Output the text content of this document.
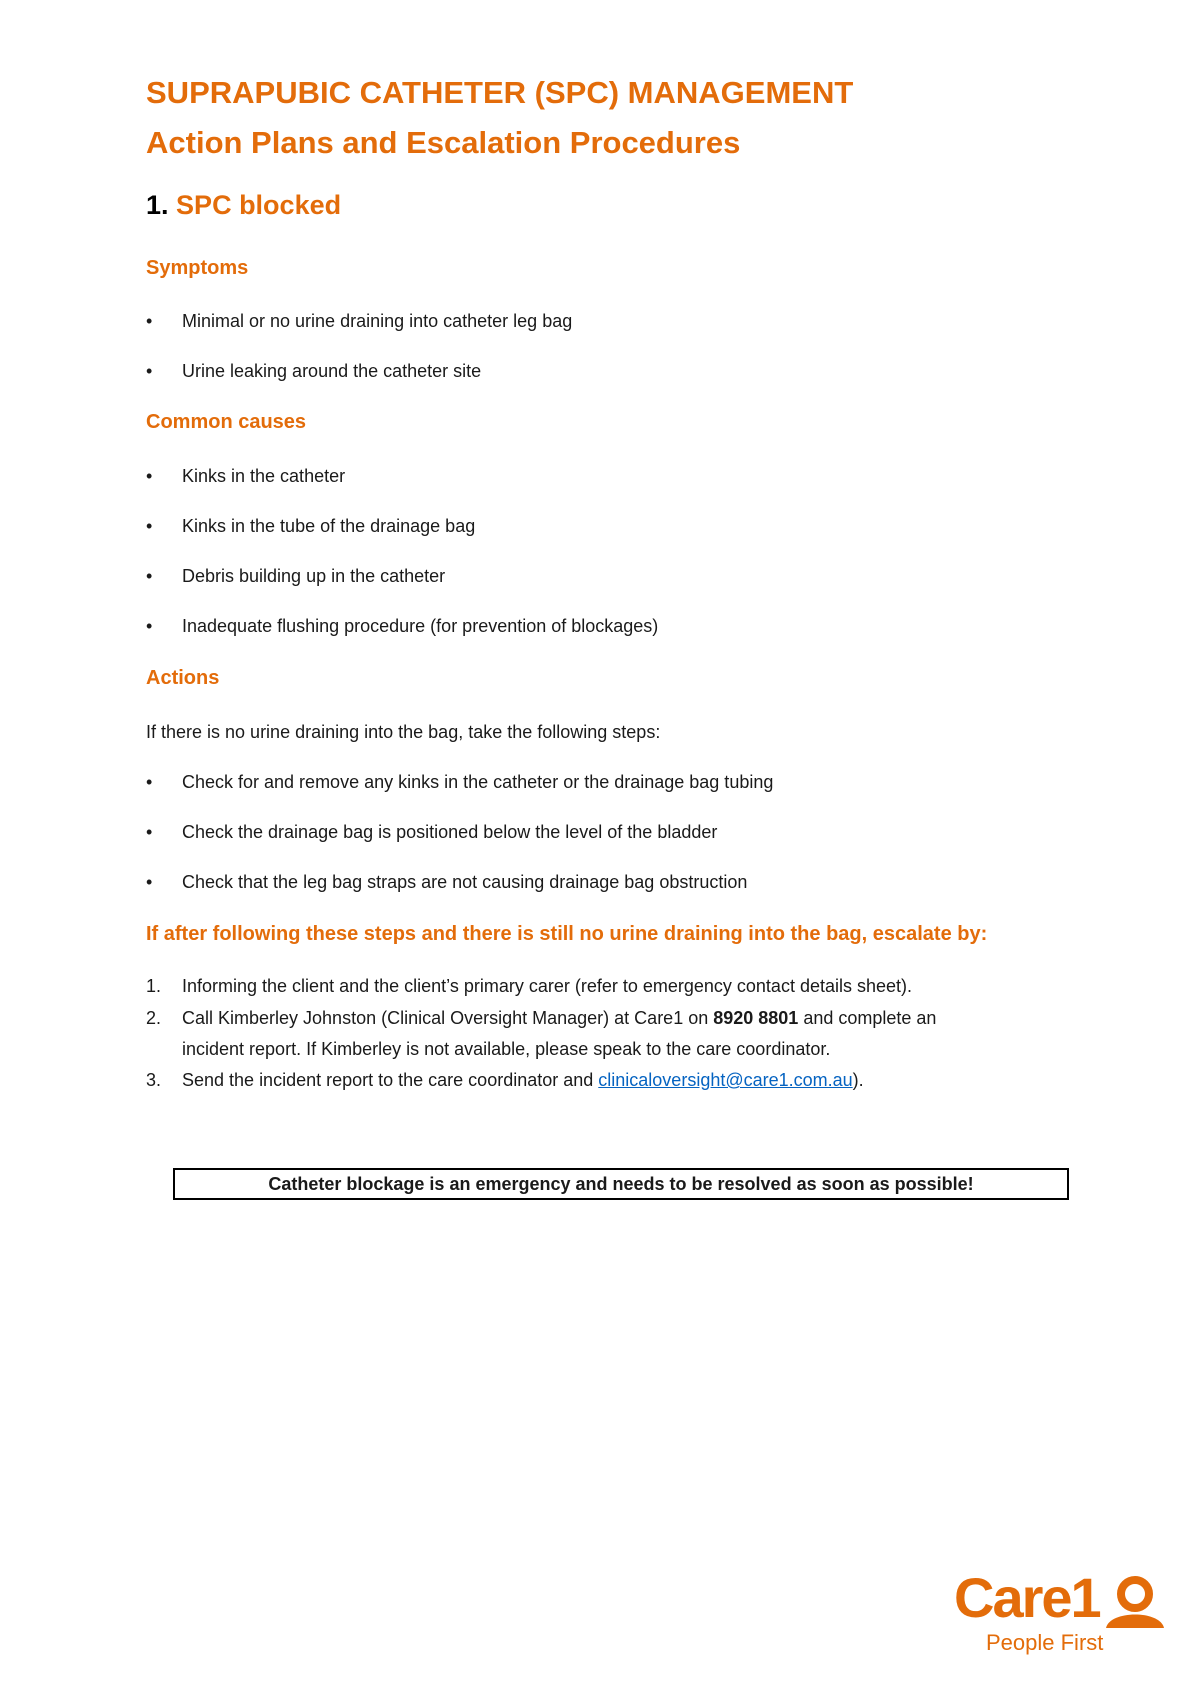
SUPRAPUBIC CATHETER (SPC) MANAGEMENT
Action Plans and Escalation Procedures
1. SPC blocked
Symptoms
•	Minimal or no urine draining into catheter leg bag
•	Urine leaking around the catheter site
Common causes
•	Kinks in the catheter
•	Kinks in the tube of the drainage bag
•	Debris building up in the catheter
•	Inadequate flushing procedure (for prevention of blockages)
Actions
If there is no urine draining into the bag, take the following steps:
•	Check for and remove any kinks in the catheter or the drainage bag tubing
•	Check the drainage bag is positioned below the level of the bladder
•	Check that the leg bag straps are not causing drainage bag obstruction
If after following these steps and there is still no urine draining into the bag, escalate by:
1. Informing the client and the client’s primary carer (refer to emergency contact details sheet).
2. Call Kimberley Johnston (Clinical Oversight Manager) at Care1 on 8920 8801 and complete an
incident report. If Kimberley is not available, please speak to the care coordinator.
3. Send the incident report to the care coordinator and clinicaloversight@care1.com.au).
Catheter blockage is an emergency and needs to be resolved as soon as possible!
Care1
People First
